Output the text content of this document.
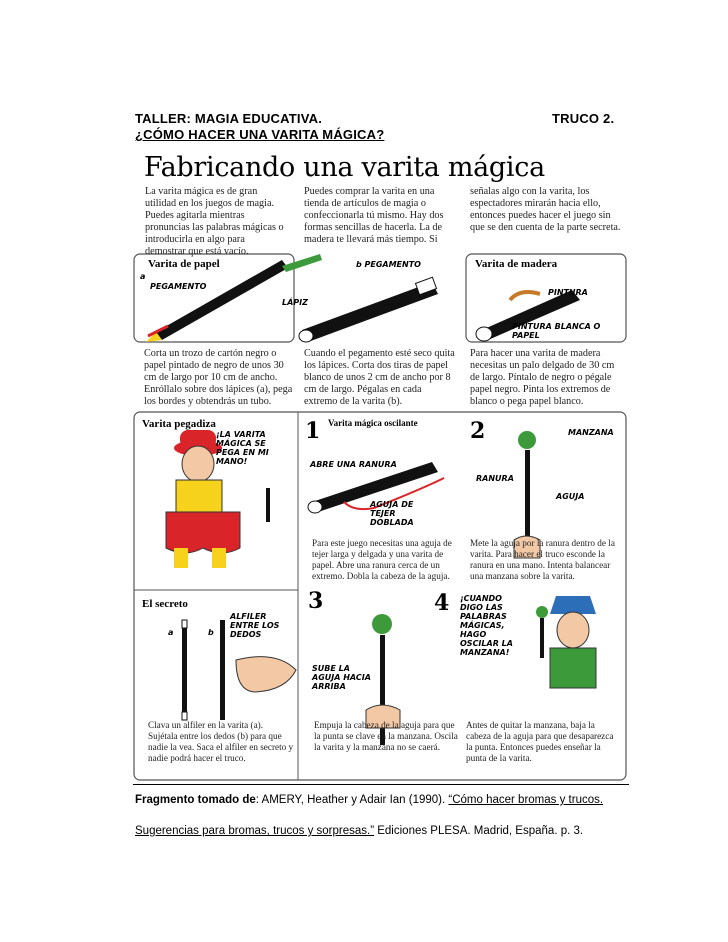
TALLER: MAGIA EDUCATIVA.	TRUCO 2.
¿CÓMO HACER UNA VARITA MÁGICA?
Fabricando una varita mágica
La varita mágica es de gran utilidad en los juegos de magia. Puedes agitarla mientras pronuncias las palabras mágicas o introducirla en algo para demostrar que está vacío.
Puedes comprar la varita en una tienda de artículos de magia o confeccionarla tú mismo. Hay dos formas sencillas de hacerla. La de madera te llevará más tiempo. Si
señalas algo con la varita, los espectadores mirarán hacia ello, entonces puedes hacer el juego sin que se den cuenta de la parte secreta.
Varita de papel
a
PEGAMENTO
LÁPIZ
b PEGAMENTO	Varita de madera
PINTURA
PINTURA BLANCA O PAPEL
Corta un trozo de cartón negro o papel pintado de negro de unos 30 cm de largo por 10 cm de ancho. Enróllalo sobre dos lápices (a), pega los bordes y obtendrás un tubo.
Cuando el pegamento esté seco quita los lápices. Corta dos tiras de papel blanco de unos 2 cm de ancho por 8 cm de largo. Pégalas en cada extremo de la varita (b).
Para hacer una varita de madera necesitas un palo delgado de 30 cm de largo. Píntalo de negro o pégale papel negro. Pinta los extremos de blanco o pega papel blanco.
Varita pegadiza
¡LA VARITA MÁGICA SE PEGA EN MI MANO!
El secreto
a	b
ALFILER ENTRE LOS DEDOS
Clava un alfiler en la varita (a). Sujétala entre los dedos (b) para que nadie la vea. Saca el alfiler en secreto y nadie podrá hacer el truco.
1 Varita mágica oscilante
ABRE UNA RANURA
AGUJA DE TEJER DOBLADA
Para este juego necesitas una aguja de tejer larga y delgada y una varita de papel. Abre una ranura cerca de un extremo. Dobla la cabeza de la aguja.
2	MANZANA
RANURA
AGUJA
Mete la aguja por la ranura dentro de la varita. Para hacer el truco esconde la ranura en una mano. Intenta balancear una manzana sobre la varita.
3
SUBE LA AGUJA HACIA ARRIBA
Empuja la cabeza de la aguja para que la punta se clave en la manzana. Oscila la varita y la manzana no se caerá.
4 ¡CUANDO DIGO LAS PALABRAS MÁGICAS, HAGO OSCILAR LA MANZANA!
Antes de quitar la manzana, baja la cabeza de la aguja para que desaparezca la punta. Entonces puedes enseñar la punta de la varita.
Fragmento tomado de: AMERY, Heather y Adair Ian (1990). “Cómo hacer bromas y trucos.
Sugerencias para bromas, trucos y sorpresas.” Ediciones PLESA. Madrid, España. p. 3.
